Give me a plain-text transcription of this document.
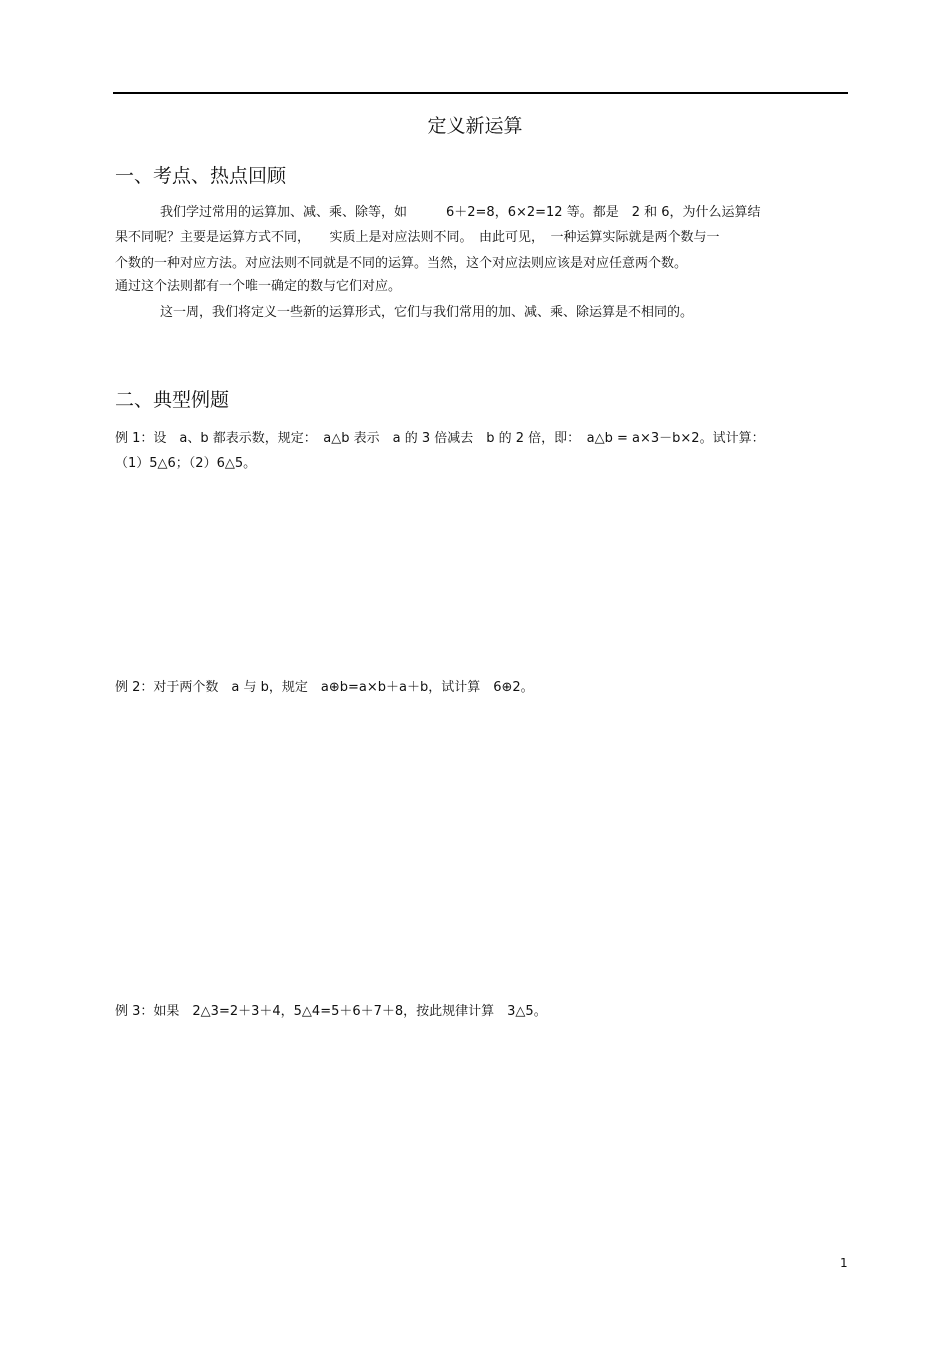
定义新运算
一、考点、热点回顾
我们学过常用的运算加、减、乘、除等，如　　　6＋2=8，6×2=12 等。都是　2 和 6，为什么运算结
果不同呢？主要是运算方式不同，　　实质上是对应法则不同。　由此可见，　一种运算实际就是两个数与一
个数的一种对应方法。对应法则不同就是不同的运算。当然，这个对应法则应该是对应任意两个数。
通过这个法则都有一个唯一确定的数与它们对应。
这一周，我们将定义一些新的运算形式，它们与我们常用的加、减、乘、除运算是不相同的。
二、典型例题
例 1：设　a、b 都表示数，规定：　a△b 表示　a 的 3 倍减去　b 的 2 倍，即：　a△b = a×3－b×2。试计算：
（1）5△6；（2）6△5。
例 2：对于两个数　a 与 b，规定　a⊕b=a×b＋a＋b，试计算　6⊕2。
例 3：如果　2△3=2＋3＋4，5△4=5＋6＋7＋8，按此规律计算　3△5。
1
